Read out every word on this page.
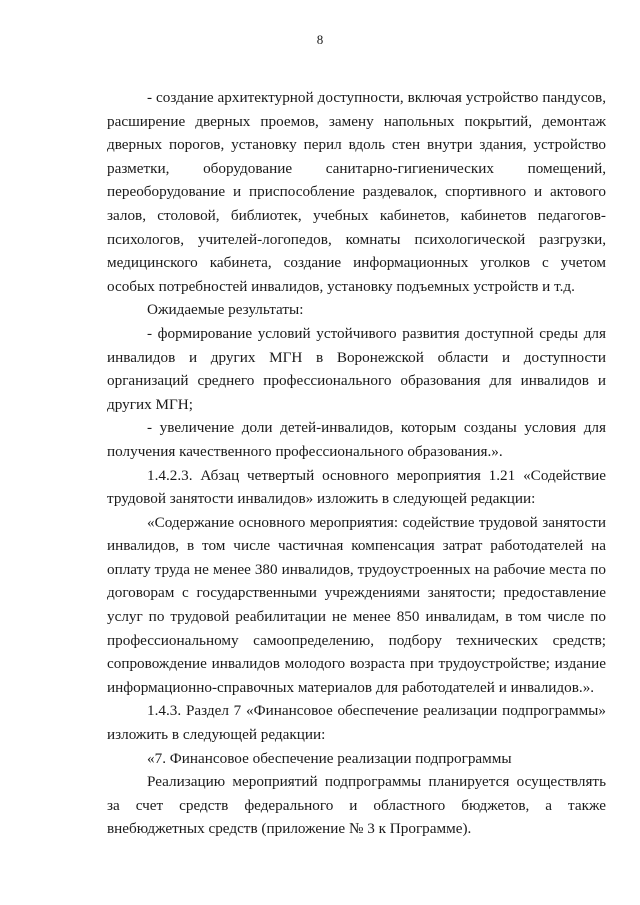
8

- создание архитектурной доступности, включая устройство пандусов, расширение дверных проемов, замену напольных покрытий, демонтаж дверных порогов, установку перил вдоль стен внутри здания, устройство разметки, оборудование санитарно-гигиенических помещений, переоборудование и приспособление раздевалок, спортивного и актового залов, столовой, библиотек, учебных кабинетов, кабинетов педагогов-психологов, учителей-логопедов, комнаты психологической разгрузки, медицинского кабинета, создание информационных уголков с учетом особых потребностей инвалидов, установку подъемных устройств и т.д.

Ожидаемые результаты:

- формирование условий устойчивого развития доступной среды для инвалидов и других МГН в Воронежской области и доступности организаций среднего профессионального образования для инвалидов и других МГН;

- увеличение доли детей-инвалидов, которым созданы условия для получения качественного профессионального образования.».

1.4.2.3. Абзац четвертый основного мероприятия 1.21 «Содействие трудовой занятости инвалидов» изложить в следующей редакции:

«Содержание основного мероприятия: содействие трудовой занятости инвалидов, в том числе частичная компенсация затрат работодателей на оплату труда не менее 380 инвалидов, трудоустроенных на рабочие места по договорам с государственными учреждениями занятости; предоставление услуг по трудовой реабилитации не менее 850 инвалидам, в том числе по профессиональному самоопределению, подбору технических средств; сопровождение инвалидов молодого возраста при трудоустройстве; издание информационно-справочных материалов для работодателей и инвалидов.».

1.4.3. Раздел 7 «Финансовое обеспечение реализации подпрограммы» изложить в следующей редакции:

«7. Финансовое обеспечение реализации подпрограммы

Реализацию мероприятий подпрограммы планируется осуществлять за счет средств федерального и областного бюджетов, а также внебюджетных средств (приложение № 3 к Программе).
